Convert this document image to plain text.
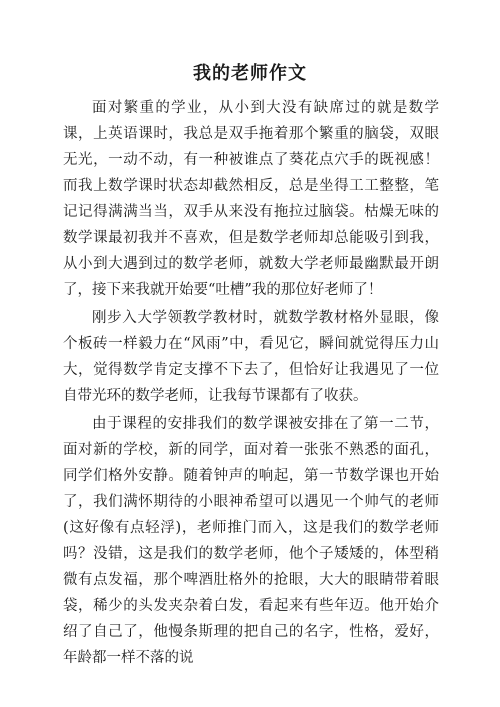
我的老师作文

面对繁重的学业，从小到大没有缺席过的就是数学课，上英语课时，我总是双手拖着那个繁重的脑袋，双眼无光，一动不动，有一种被谁点了葵花点穴手的既视感！而我上数学课时状态却截然相反，总是坐得工工整整，笔记记得满满当当，双手从来没有拖拉过脑袋。枯燥无味的数学课最初我并不喜欢，但是数学老师却总能吸引到我，从小到大遇到过的数学老师，就数大学老师最幽默最开朗了，接下来我就开始要“吐槽”我的那位好老师了！

刚步入大学领教学教材时，就数学教材格外显眼，像个板砖一样毅力在“风雨”中，看见它，瞬间就觉得压力山大，觉得数学肯定支撑不下去了，但恰好让我遇见了一位自带光环的数学老师，让我每节课都有了收获。

由于课程的安排我们的数学课被安排在了第一二节，面对新的学校，新的同学，面对着一张张不熟悉的面孔，同学们格外安静。随着钟声的响起，第一节数学课也开始了，我们满怀期待的小眼神希望可以遇见一个帅气的老师(这好像有点轻浮)，老师推门而入，这是我们的数学老师吗？没错，这是我们的数学老师，他个子矮矮的，体型稍微有点发福，那个啤酒肚格外的抢眼，大大的眼睛带着眼袋，稀少的头发夹杂着白发，看起来有些年迈。他开始介绍了自己了，他慢条斯理的把自己的名字，性格，爱好，年龄都一样不落的说
